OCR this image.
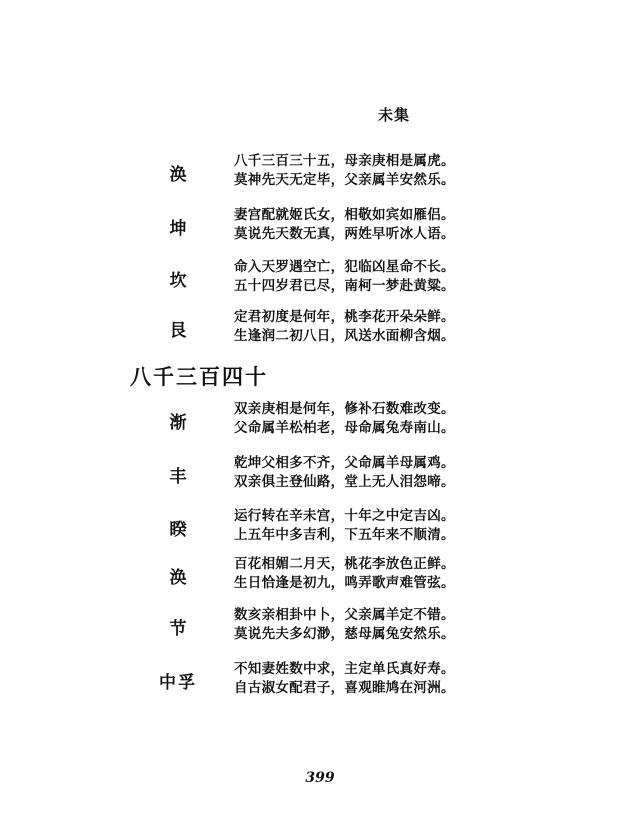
未集
涣
八千三百三十五，母亲庚相是属虎。
莫神先天无定毕，父亲属羊安然乐。
坤
妻宫配就姬氏女，相敬如宾如雁侣。
莫说先天数无真，两姓早听冰人语。
坎
命入天罗遇空亡，犯临凶星命不长。
五十四岁君已尽，南柯一梦赴黄粱。
艮
定君初度是何年，桃李花开朵朵鲜。
生逢润二初八日，风送水面柳含烟。
八千三百四十
渐
双亲庚相是何年，修补石数难改变。
父命属羊松柏老，母命属兔寿南山。
丰
乾坤父相多不齐，父命属羊母属鸡。
双亲俱主登仙路，堂上无人泪怨啼。
睽
运行转在辛未宫，十年之中定吉凶。
上五年中多吉利，下五年来不顺清。
涣
百花相媚二月天，桃花李放色正鲜。
生日恰逢是初九，鸣弄歌声难管弦。
节
数亥亲相卦中卜，父亲属羊定不错。
莫说先夫多幻渺，慈母属兔安然乐。
中孚
不知妻姓数中求，主定单氏真好寿。
自古淑女配君子，喜观睢鸠在河洲。
399
